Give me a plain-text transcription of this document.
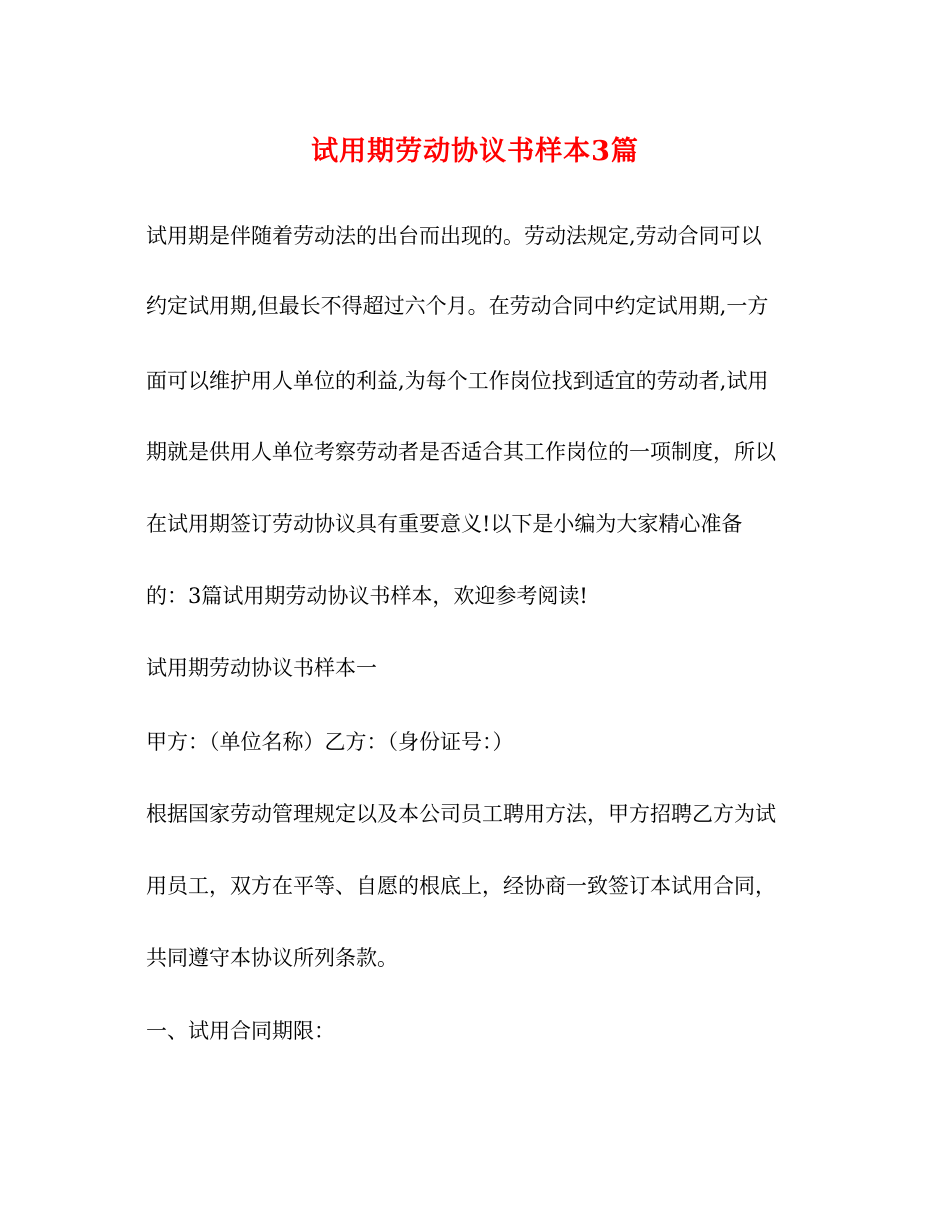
试用期劳动协议书样本3篇
试用期是伴随着劳动法的出台而出现的。劳动法规定,劳动合同可以
约定试用期,但最长不得超过六个月。在劳动合同中约定试用期,一方
面可以维护用人单位的利益,为每个工作岗位找到适宜的劳动者,试用
期就是供用人单位考察劳动者是否适合其工作岗位的一项制度，所以
在试用期签订劳动协议具有重要意义!以下是小编为大家精心准备
的：3篇试用期劳动协议书样本，欢迎参考阅读!
试用期劳动协议书样本一
甲方：（单位名称）乙方：（身份证号：）
根据国家劳动管理规定以及本公司员工聘用方法，甲方招聘乙方为试
用员工，双方在平等、自愿的根底上，经协商一致签订本试用合同，
共同遵守本协议所列条款。
一、试用合同期限：
